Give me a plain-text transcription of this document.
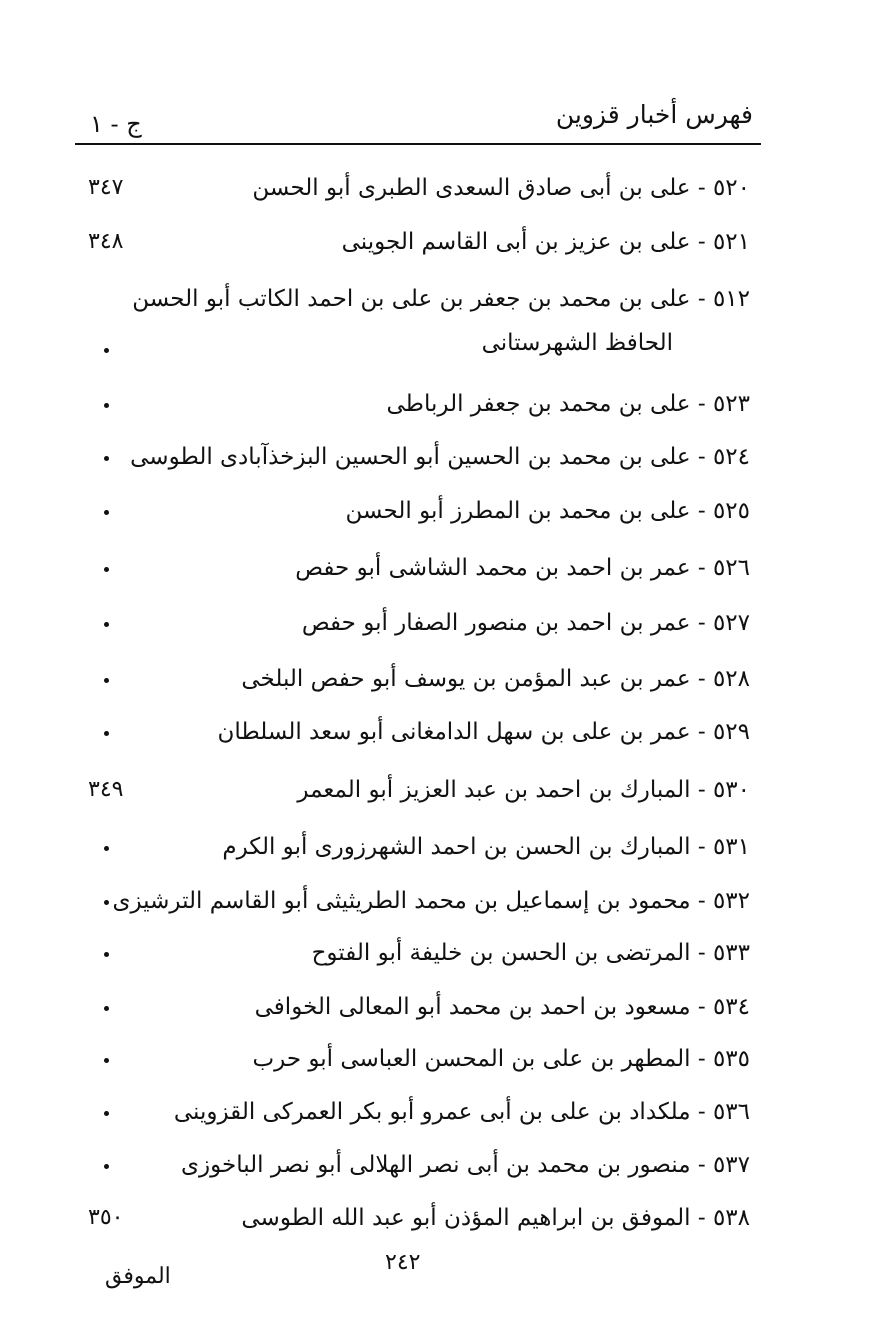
فهرس أخبار قزوين
ج - ١
٥٢٠ - على بن أبى صادق السعدى الطبرى أبو الحسن
٣٤٧
٥٢١ - على بن عزيز بن أبى القاسم الجوينى
٣٤٨
٥١٢ - على بن محمد بن جعفر بن على بن احمد الكاتب أبو الحسن
الحافظ الشهرستانى
٥٢٣ - على بن محمد بن جعفر الرباطى
٥٢٤ - على بن محمد بن الحسين أبو الحسين البزخذآبادى الطوسى
٥٢٥ - على بن محمد بن المطرز أبو الحسن
٥٢٦ - عمر بن احمد بن محمد الشاشى أبو حفص
٥٢٧ - عمر بن احمد بن منصور الصفار أبو حفص
٥٢٨ - عمر بن عبد المؤمن بن يوسف أبو حفص البلخى
٥٢٩ - عمر بن على بن سهل الدامغانى أبو سعد السلطان
٥٣٠ - المبارك بن احمد بن عبد العزيز أبو المعمر
٣٤٩
٥٣١ - المبارك بن الحسن بن احمد الشهرزورى أبو الكرم
٥٣٢ - محمود بن إسماعيل بن محمد الطريثيثى أبو القاسم الترشيزى
٥٣٣ - المرتضى بن الحسن بن خليفة أبو الفتوح
٥٣٤ - مسعود بن احمد بن محمد أبو المعالى الخوافى
٥٣٥ - المطهر بن على بن المحسن العباسى أبو حرب
٥٣٦ - ملكداد بن على بن أبى عمرو أبو بكر العمركى القزوينى
٥٣٧ - منصور بن محمد بن أبى نصر الهلالى أبو نصر الباخوزى
٥٣٨ - الموفق بن ابراهيم المؤذن أبو عبد الله الطوسى
٣٥٠
٢٤٢
الموفق
